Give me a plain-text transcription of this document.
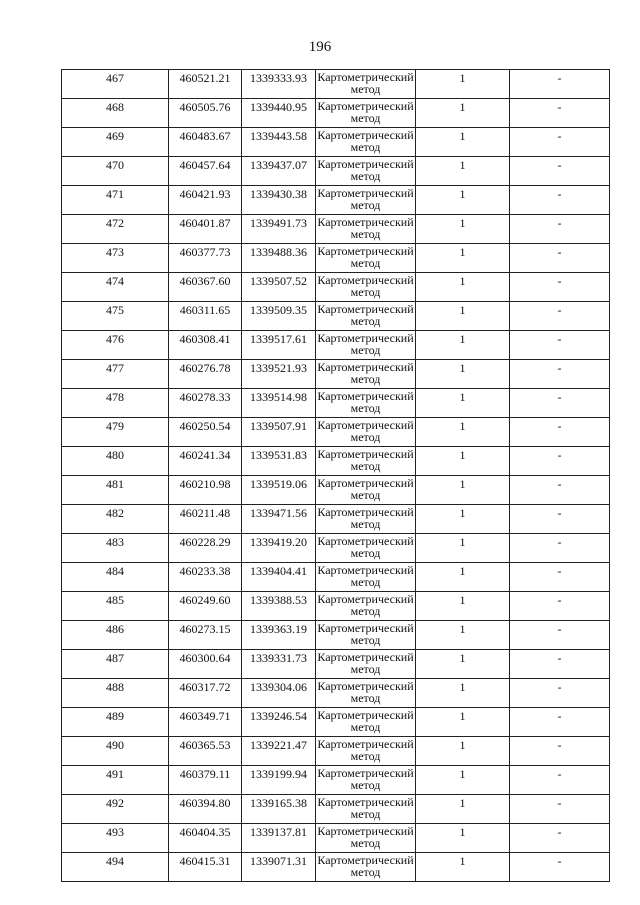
196
467	460521.21	1339333.93	Картометрический метод	1	-
468	460505.76	1339440.95	Картометрический метод	1	-
469	460483.67	1339443.58	Картометрический метод	1	-
470	460457.64	1339437.07	Картометрический метод	1	-
471	460421.93	1339430.38	Картометрический метод	1	-
472	460401.87	1339491.73	Картометрический метод	1	-
473	460377.73	1339488.36	Картометрический метод	1	-
474	460367.60	1339507.52	Картометрический метод	1	-
475	460311.65	1339509.35	Картометрический метод	1	-
476	460308.41	1339517.61	Картометрический метод	1	-
477	460276.78	1339521.93	Картометрический метод	1	-
478	460278.33	1339514.98	Картометрический метод	1	-
479	460250.54	1339507.91	Картометрический метод	1	-
480	460241.34	1339531.83	Картометрический метод	1	-
481	460210.98	1339519.06	Картометрический метод	1	-
482	460211.48	1339471.56	Картометрический метод	1	-
483	460228.29	1339419.20	Картометрический метод	1	-
484	460233.38	1339404.41	Картометрический метод	1	-
485	460249.60	1339388.53	Картометрический метод	1	-
486	460273.15	1339363.19	Картометрический метод	1	-
487	460300.64	1339331.73	Картометрический метод	1	-
488	460317.72	1339304.06	Картометрический метод	1	-
489	460349.71	1339246.54	Картометрический метод	1	-
490	460365.53	1339221.47	Картометрический метод	1	-
491	460379.11	1339199.94	Картометрический метод	1	-
492	460394.80	1339165.38	Картометрический метод	1	-
493	460404.35	1339137.81	Картометрический метод	1	-
494	460415.31	1339071.31	Картометрический метод	1	-
